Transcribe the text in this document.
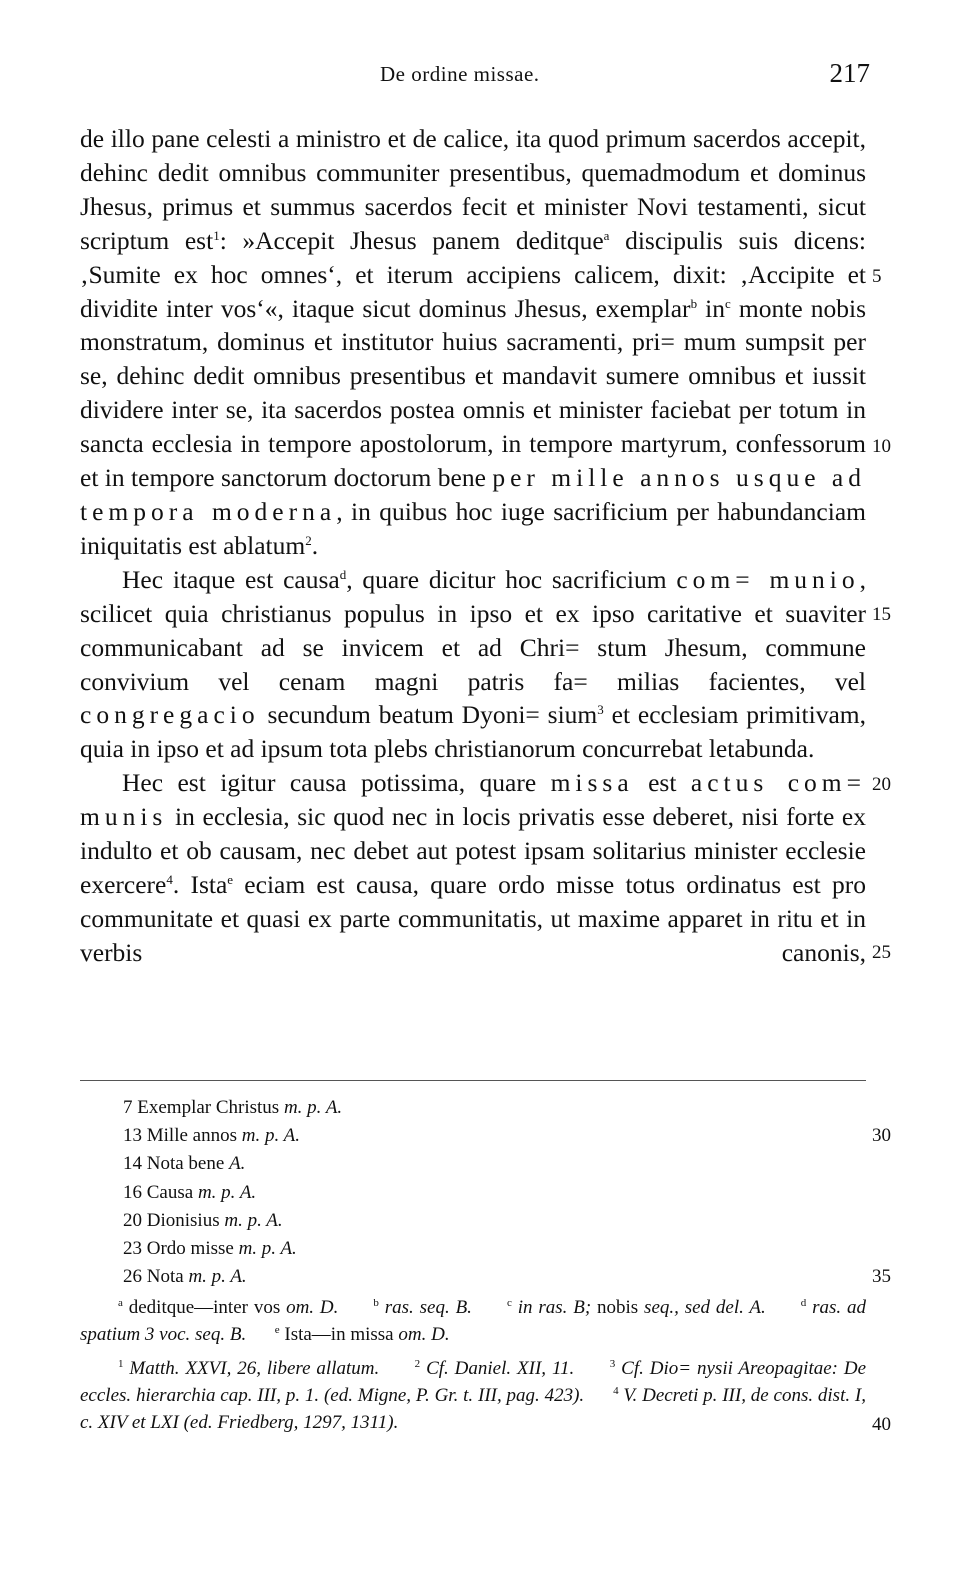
De ordine missae.	217

de illo pane celesti a ministro et de calice, ita quod primum sacerdos accepit, dehinc dedit omnibus communiter presentibus, quemadmodum et dominus Jhesus, primus et summus sacerdos fecit et minister Novi testamenti, sicut scriptum est$^1$: »Accepit Jhesus panem deditque$^a$ discipulis suis dicens: ‚Sumite ex hoc omnes‘, et iterum accipiens calicem, dixit: ‚Accipite et dividite inter vos‘«, itaque sicut dominus Jhesus, exemplar$^b$ $in^c$ monte nobis monstratum, dominus et institutor huius sacramenti, pri= mum sumpsit per se, dehinc dedit omnibus presentibus et mandavit sumere omnibus et iussit dividere inter se, ita sacerdos postea omnis et minister faciebat per totum in sancta ecclesia in tempore apostolorum, in tempore martyrum, confessorum et in tempore sanctorum doctorum bene per mille annos usque ad tempora moderna, in quibus hoc iuge sacrificium per habundanciam iniquitatis est ablatum$^2$.

Hec itaque est causa$^d$, quare dicitur hoc sacrificium com= munio, scilicet quia christianus populus in ipso et ex ipso caritative et suaviter communicabant ad se invicem et ad Chri= stum Jhesum, commune convivium vel cenam magni patris fa= milias facientes, vel congregacio secundum beatum Dyoni= sium$^3$ et ecclesiam primitivam, quia in ipso et ad ipsum tota plebs christianorum concurrebat letabunda.

Hec est igitur causa potissima, quare missa est actus com= munis in ecclesia, sic quod nec in locis privatis esse deberet, nisi forte ex indulto et ob causam, nec debet aut potest ipsam solitarius minister ecclesie exercere$^4$. Ista$^e$ eciam est causa, quare ordo misse totus ordinatus est pro communitate et quasi ex parte communitatis, ut maxime apparet in ritu et in verbis canonis,

5
10
15
20
25
30
35
40
7 Exemplar Christus m. p. A.
13 Mille annos m. p. A.
14 Nota bene A.
16 Causa m. p. A.
20 Dionisius m. p. A.
23 Ordo misse m. p. A.
26 Nota m. p. A.

$^a$ deditque—inter vos om. D.	$^b$ ras. seq. B.	$^c$ in ras. B; nobis seq., sed del. A.	$^d$ ras. ad spatium 3 voc. seq. B.	$^e$ Ista—in missa om. D.

$^1$ Matth. XXVI, 26, libere allatum.	$^2$ Cf. Daniel. XII, 11.	$^3$ Cf. Dio= nysii Areopagitae: De eccles. hierarchia cap. III, p. 1. (ed. Migne, P. Gr. t. III, pag. 423).	$^4$ V. Decreti p. III, de cons. dist. I, c. XIV et LXI (ed. Friedberg, 1297, 1311).
